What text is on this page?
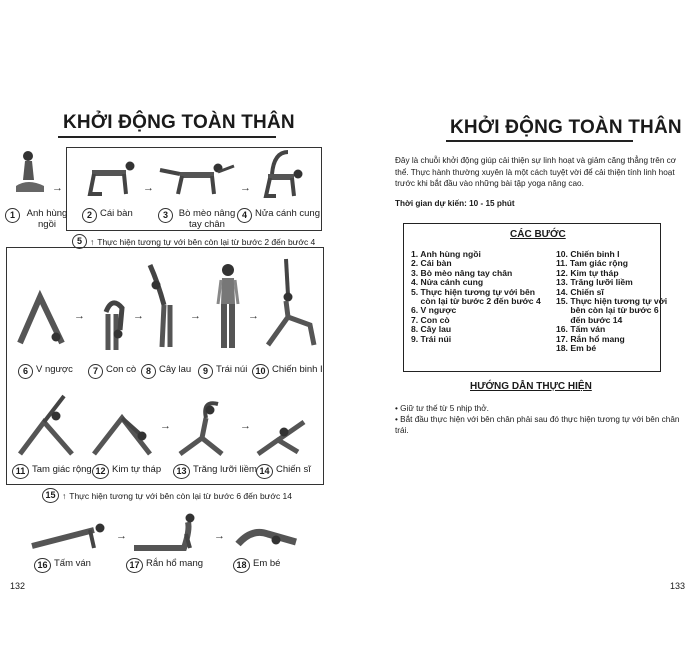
KHỞI ĐỘNG TOÀN THÂN
→	→	→
1	Anh hùng ngồi
2 Cái bàn	3	Bò mèo nâng tay chân
4 Nửa cánh cung
5 ↑ Thực hiện tương tự với bên còn lại từ bước 2 đến bước 4
→	→	→	→
6 V ngược	7 Con cò	8 Cây lau	9 Trái núi 10 Chiến binh I
→	→
11 Tam giác rộng 12 Kim tự tháp	13 Trăng lưỡi liềm 14 Chiến sĩ
15 ↑ Thực hiện tương tự với bên còn lại từ bước 6 đến bước 14
→	→
16 Tấm ván	17 Rắn hổ mang	18 Em bé
132
KHỞI ĐỘNG TOÀN THÂN
Đây là chuỗi khởi động giúp cải thiện sự linh hoạt và giảm căng thẳng trên cơ thể. Thực hành thường xuyên là một cách tuyệt vời để cải thiện tính linh hoạt trước khi bắt đầu vào những bài tập yoga nâng cao.
Thời gian dự kiến: 10 - 15 phút
CÁC BƯỚC
1. Anh hùng ngồi
2. Cái bàn
3. Bò mèo nâng tay chân
4. Nửa cánh cung
5. Thực hiện tương tự với bên
còn lại từ bước 2 đến bước 4
6. V ngược
7. Con cò
8. Cây lau
9. Trái núi
10. Chiến binh I
11. Tam giác rộng
12. Kim tự tháp
13. Trăng lưỡi liềm
14. Chiến sĩ
15. Thực hiện tương tự với
bên còn lại từ bước 6
đến bước 14
16. Tấm ván
17. Rắn hổ mang
18. Em bé
HƯỚNG DẪN THỰC HIỆN
• Giữ tư thế từ 5 nhịp thở.
• Bắt đầu thực hiện với bên chân phải sau đó thực hiện tương tự với bên chân trái.
133
